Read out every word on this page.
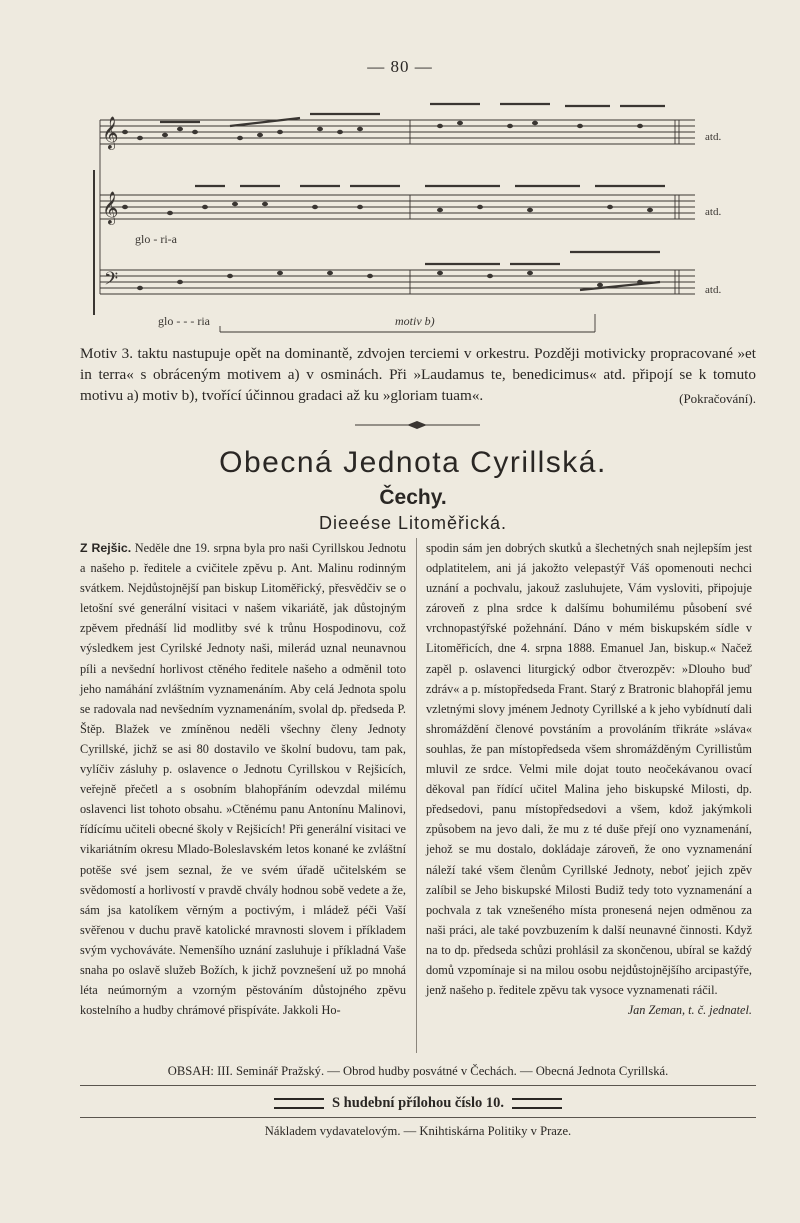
— 80 —
𝄞
𝄞
𝄢
atd.
atd.
atd.
glo - ri-a
glo - - - ria	motiv b)
Motiv 3. taktu nastupuje opět na dominantě, zdvojen terciemi v orkestru. Později motivicky propracované »et in terra« s obráceným motivem a) v osminách. Při »Laudamus te, benedicimus« atd. připojí se k tomuto motivu a) motiv b), tvořící účinnou gradaci až ku »gloriam tuam«.	(Pokračování).
Obecná Jednota Cyrillská.
Čechy.
Dieeése Litoměřická.

Z Rejšic. Neděle dne 19. srpna byla pro naši Cyrillskou Jednotu a našeho p. ředitele a cvičitele zpěvu p. Ant. Malinu rodinným svátkem. Nejdůstojnější pan biskup Litoměřický, přesvědčiv se o letošní své generální visitaci v našem vikariátě, jak důstojným zpěvem přednáší lid modlitby své k trůnu Hospodinovu, což výsledkem jest Cyrilské Jednoty naši, milerád uznal neunavnou píli a nevšední horlivost ctěného ředitele našeho a odměnil toto jeho namáhání zvláštním vyznamenáním. Aby celá Jednota spolu se radovala nad nevšedním vyznamenáním, svolal dp. předseda P. Štěp. Blažek ve zmíněnou neděli všechny členy Jednoty Cyrillské, jichž se asi 80 dostavilo ve školní budovu, tam pak, vylíčiv zásluhy p. oslavence o Jednotu Cyrillskou v Rejšicích, veřejně přečetl a s osobním blahopřáním odevzdal milému oslavenci list tohoto obsahu. »Ctěnému panu Antonínu Malinovi, řídícímu učiteli obecné školy v Rejšicích! Při generální visitaci ve vikariátním okresu Mlado-Boleslavském letos konané ke zvláštní potěše své jsem seznal, že ve svém úřadě učitelském se svědomostí a horlivostí v pravdě chvály hodnou sobě vedete a že, sám jsa katolíkem věrným a poctivým, i mládež péči Vaší svěřenou v duchu pravě katolické mravnosti slovem i příkladem svým vychováváte. Nemenšího uznání zasluhuje i příkladná Vaše snaha po oslavě služeb Božích, k jichž povznešení už po mnohá léta neúmorným a vzorným pěstováním důstojného zpěvu kostelního a hudby chrámové přispíváte. Jakkoli Ho-

spodin sám jen dobrých skutků a šlechetných snah nejlepším jest odplatitelem, ani já jakožto velepastýř Váš opomenouti nechci uznání a pochvalu, jakouž zasluhujete, Vám vysloviti, připojuje zároveň z plna srdce k dalšímu bohumilému působení své vrchnopastýřské požehnání. Dáno v mém biskupském sídle v Litoměřicích, dne 4. srpna 1888. Emanuel Jan, biskup.« Načež zapěl p. oslavenci liturgický odbor čtverozpěv: »Dlouho buď zdráv« a p. místopředseda Frant. Starý z Bratronic blahopřál jemu vzletnými slovy jménem Jednoty Cyrillské a k jeho vybídnutí dali shromáždění členové povstáním a provoláním třikráte »sláva« souhlas, že pan místopředseda všem shromážděným Cyrillistům mluvil ze srdce. Velmi mile dojat touto neočekávanou ovací děkoval pan řídící učitel Malina jeho biskupské Milosti, dp. předsedovi, panu místopředsedovi a všem, kdož jakýmkoli způsobem na jevo dali, že mu z té duše přejí ono vyznamenání, jehož se mu dostalo, dokládaje zároveň, že ono vyznamenání náleží také všem členům Cyrillské Jednoty, neboť jejich zpěv zalíbil se Jeho biskupské Milosti Budiž tedy toto vyznamenání a pochvala z tak vznešeného místa pronesená nejen odměnou za naši práci, ale také povzbuzením k další neunavné činnosti. Když na to dp. předseda schůzi prohlásil za skončenou, ubíral se každý domů vzpomínaje si na milou osobu nejdůstojnějšího arcipastýře, jenž našeho p. ředitele zpěvu tak vysoce vyznamenati ráčil.

Jan Zeman, t. č. jednatel.

OBSAH: III. Seminář Pražský. — Obrod hudby posvátné v Čechách. — Obecná Jednota Cyrillská.
S hudební přílohou číslo 10.
Nákladem vydavatelovým. — Knihtiskárna Politiky v Praze.
